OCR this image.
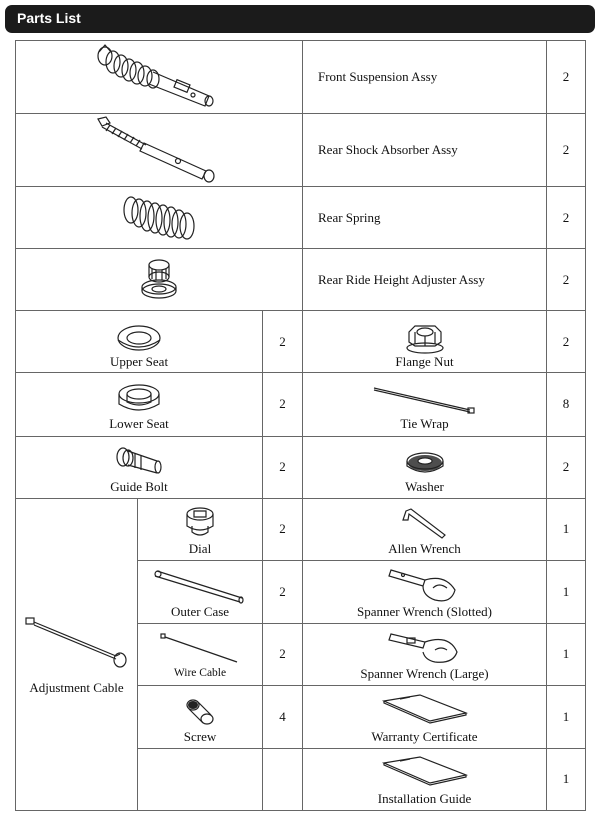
Parts List
	Front Suspension Assy	2

	Rear Shock Absorber Assy	2

	Rear Spring	2

	Rear Ride Height Adjuster Assy	2

Upper Seat		2	Flange Nut	2

Lower Seat		2	Tie Wrap	8

Guide Bolt		2	Washer	2

Adjustment Cable	Dial	2	Allen Wrench	1

	Outer Case	2	Spanner Wrench (Slotted)	1

	Wire Cable	2	Spanner Wrench (Large)	1

	Screw	4	Warranty Certificate	1

			Installation Guide	1
